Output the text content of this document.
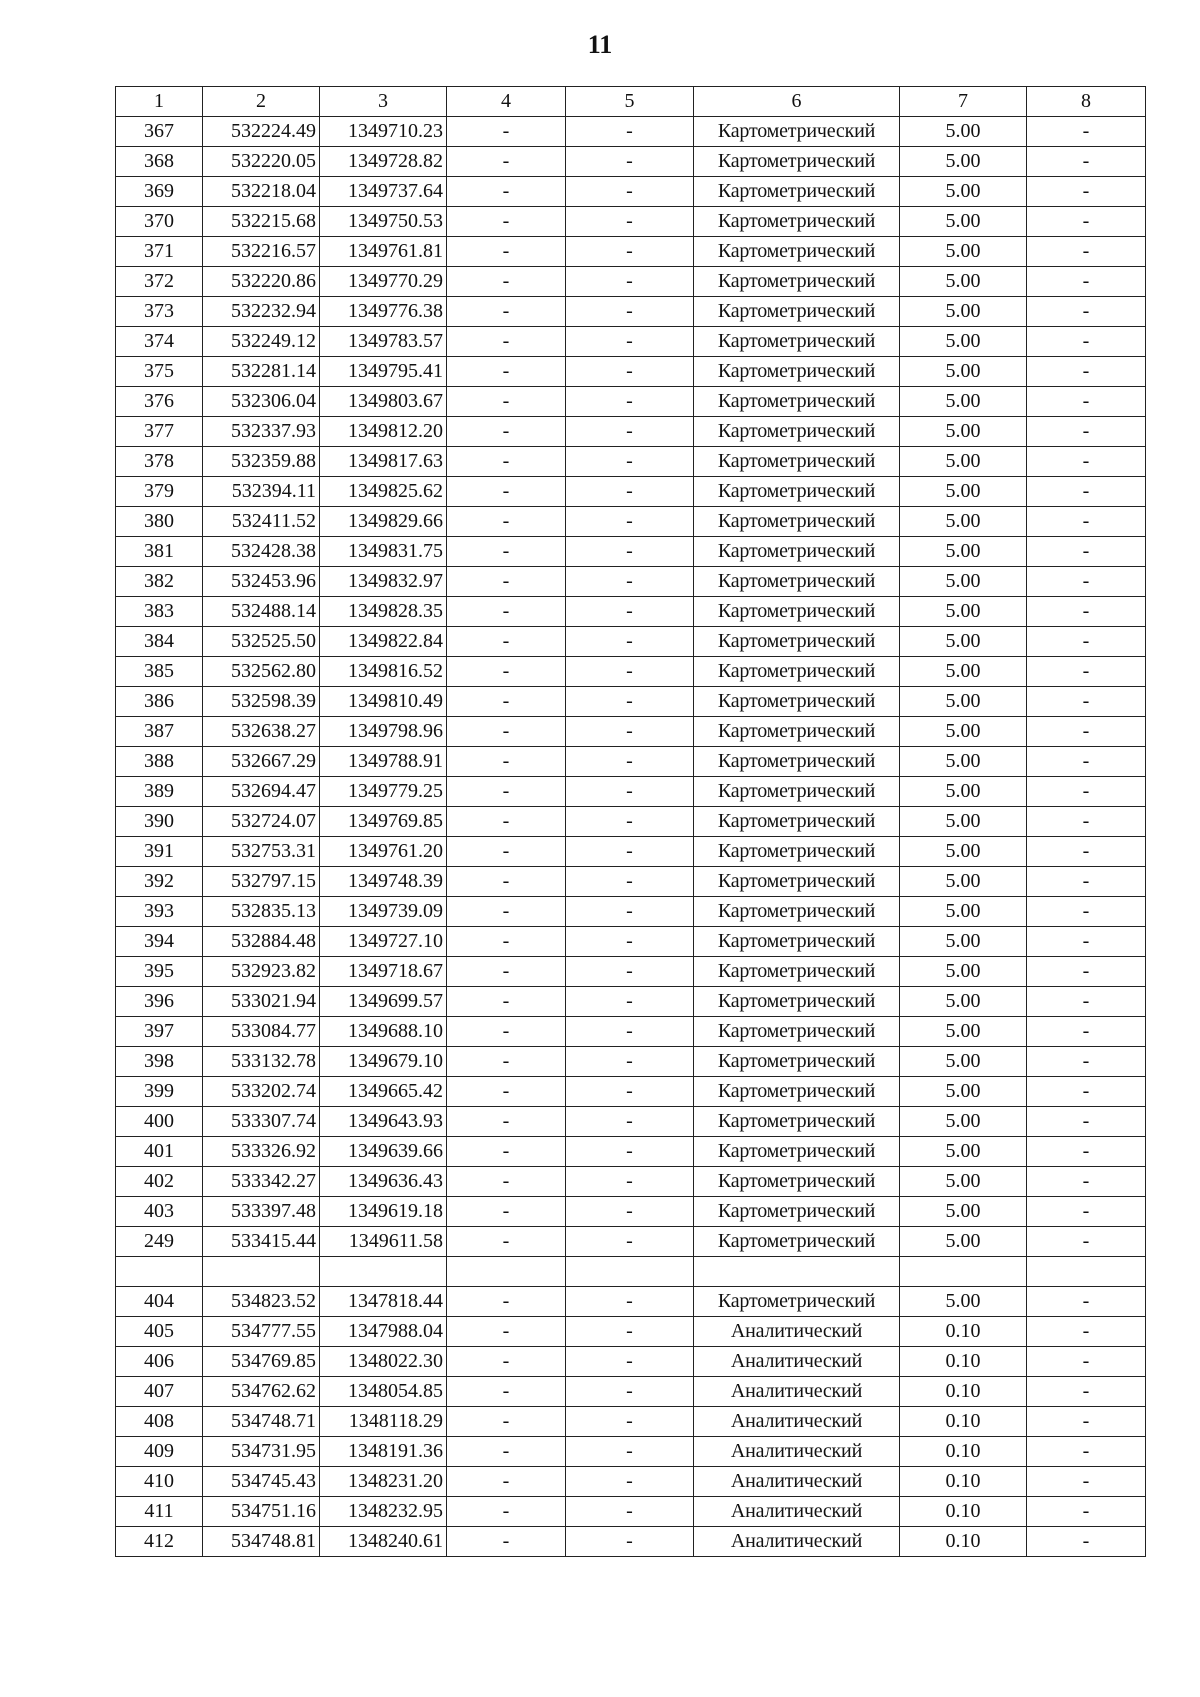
11
1	2	3	4	5	6	7	8
367	532224.49	1349710.23	-	-	Картометрический	5.00	-
368	532220.05	1349728.82	-	-	Картометрический	5.00	-
369	532218.04	1349737.64	-	-	Картометрический	5.00	-
370	532215.68	1349750.53	-	-	Картометрический	5.00	-
371	532216.57	1349761.81	-	-	Картометрический	5.00	-
372	532220.86	1349770.29	-	-	Картометрический	5.00	-
373	532232.94	1349776.38	-	-	Картометрический	5.00	-
374	532249.12	1349783.57	-	-	Картометрический	5.00	-
375	532281.14	1349795.41	-	-	Картометрический	5.00	-
376	532306.04	1349803.67	-	-	Картометрический	5.00	-
377	532337.93	1349812.20	-	-	Картометрический	5.00	-
378	532359.88	1349817.63	-	-	Картометрический	5.00	-
379	532394.11	1349825.62	-	-	Картометрический	5.00	-
380	532411.52	1349829.66	-	-	Картометрический	5.00	-
381	532428.38	1349831.75	-	-	Картометрический	5.00	-
382	532453.96	1349832.97	-	-	Картометрический	5.00	-
383	532488.14	1349828.35	-	-	Картометрический	5.00	-
384	532525.50	1349822.84	-	-	Картометрический	5.00	-
385	532562.80	1349816.52	-	-	Картометрический	5.00	-
386	532598.39	1349810.49	-	-	Картометрический	5.00	-
387	532638.27	1349798.96	-	-	Картометрический	5.00	-
388	532667.29	1349788.91	-	-	Картометрический	5.00	-
389	532694.47	1349779.25	-	-	Картометрический	5.00	-
390	532724.07	1349769.85	-	-	Картометрический	5.00	-
391	532753.31	1349761.20	-	-	Картометрический	5.00	-
392	532797.15	1349748.39	-	-	Картометрический	5.00	-
393	532835.13	1349739.09	-	-	Картометрический	5.00	-
394	532884.48	1349727.10	-	-	Картометрический	5.00	-
395	532923.82	1349718.67	-	-	Картометрический	5.00	-
396	533021.94	1349699.57	-	-	Картометрический	5.00	-
397	533084.77	1349688.10	-	-	Картометрический	5.00	-
398	533132.78	1349679.10	-	-	Картометрический	5.00	-
399	533202.74	1349665.42	-	-	Картометрический	5.00	-
400	533307.74	1349643.93	-	-	Картометрический	5.00	-
401	533326.92	1349639.66	-	-	Картометрический	5.00	-
402	533342.27	1349636.43	-	-	Картометрический	5.00	-
403	533397.48	1349619.18	-	-	Картометрический	5.00	-
249	533415.44	1349611.58	-	-	Картометрический	5.00	-

404	534823.52	1347818.44	-	-	Картометрический	5.00	-
405	534777.55	1347988.04	-	-	Аналитический	0.10	-
406	534769.85	1348022.30	-	-	Аналитический	0.10	-
407	534762.62	1348054.85	-	-	Аналитический	0.10	-
408	534748.71	1348118.29	-	-	Аналитический	0.10	-
409	534731.95	1348191.36	-	-	Аналитический	0.10	-
410	534745.43	1348231.20	-	-	Аналитический	0.10	-
411	534751.16	1348232.95	-	-	Аналитический	0.10	-
412	534748.81	1348240.61	-	-	Аналитический	0.10	-
